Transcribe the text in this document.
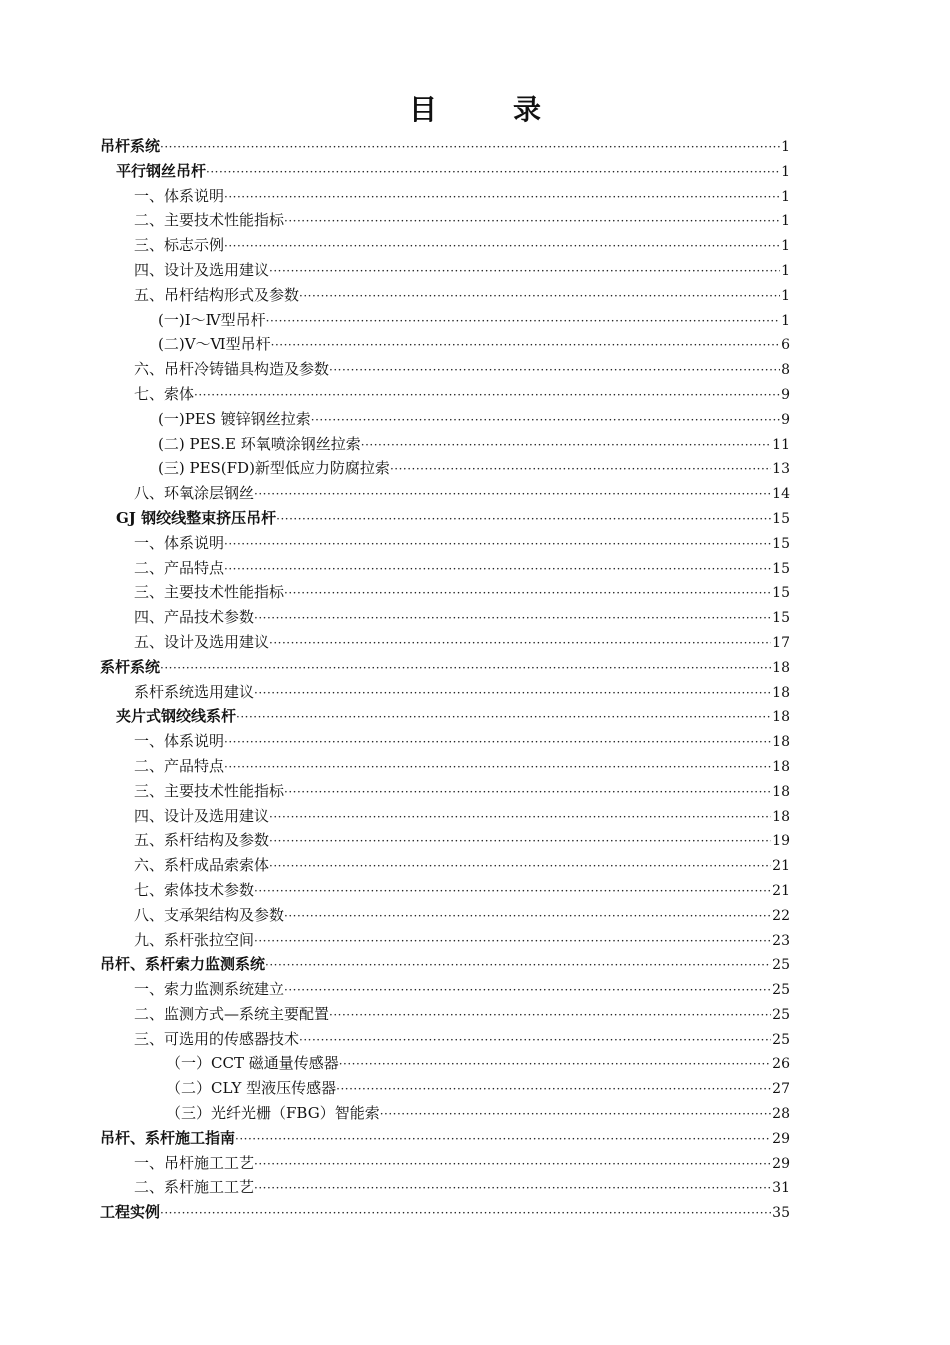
目　录
吊杆系统 ·····	1
平行钢丝吊杆 ·····	1
一、体系说明 ·····	1
二、主要技术性能指标 ·····	1
三、标志示例 ·····	1
四、设计及选用建议 ·····	1
五、吊杆结构形式及参数 ·····	1
(一)Ⅰ～Ⅳ型吊杆 ·····	1
(二)Ⅴ～Ⅵ型吊杆 ·····	6
六、吊杆冷铸锚具构造及参数 ·····	8
七、索体 ·····	9
(一)PES 镀锌钢丝拉索 ·····	9
(二) PES.E 环氧喷涂钢丝拉索 ·····	11
(三) PES(FD)新型低应力防腐拉索 ·····	13
八、环氧涂层钢丝 ·····	14
GJ 钢绞线整束挤压吊杆 ·····	15
一、体系说明 ·····	15
二、产品特点 ·····	15
三、主要技术性能指标 ·····	15
四、产品技术参数 ·····	15
五、设计及选用建议 ·····	17
系杆系统 ·····	18
系杆系统选用建议 ·····	18
夹片式钢绞线系杆 ·····	18
一、体系说明 ·····	18
二、产品特点 ·····	18
三、主要技术性能指标 ·····	18
四、设计及选用建议 ·····	18
五、系杆结构及参数 ·····	19
六、系杆成品索索体 ·····	21
七、索体技术参数 ·····	21
八、支承架结构及参数 ·····	22
九、系杆张拉空间 ·····	23
吊杆、系杆索力监测系统 ·····	25
一、索力监测系统建立 ·····	25
二、监测方式—系统主要配置 ·····	25
三、可选用的传感器技术 ·····	25
（一）CCT 磁通量传感器 ·····	26
（二）CLY 型液压传感器 ·····	27
（三）光纤光栅（FBG）智能索 ·····	28
吊杆、系杆施工指南 ·····	29
一、吊杆施工工艺 ·····	29
二、系杆施工工艺 ·····	31
工程实例 ·····	35
